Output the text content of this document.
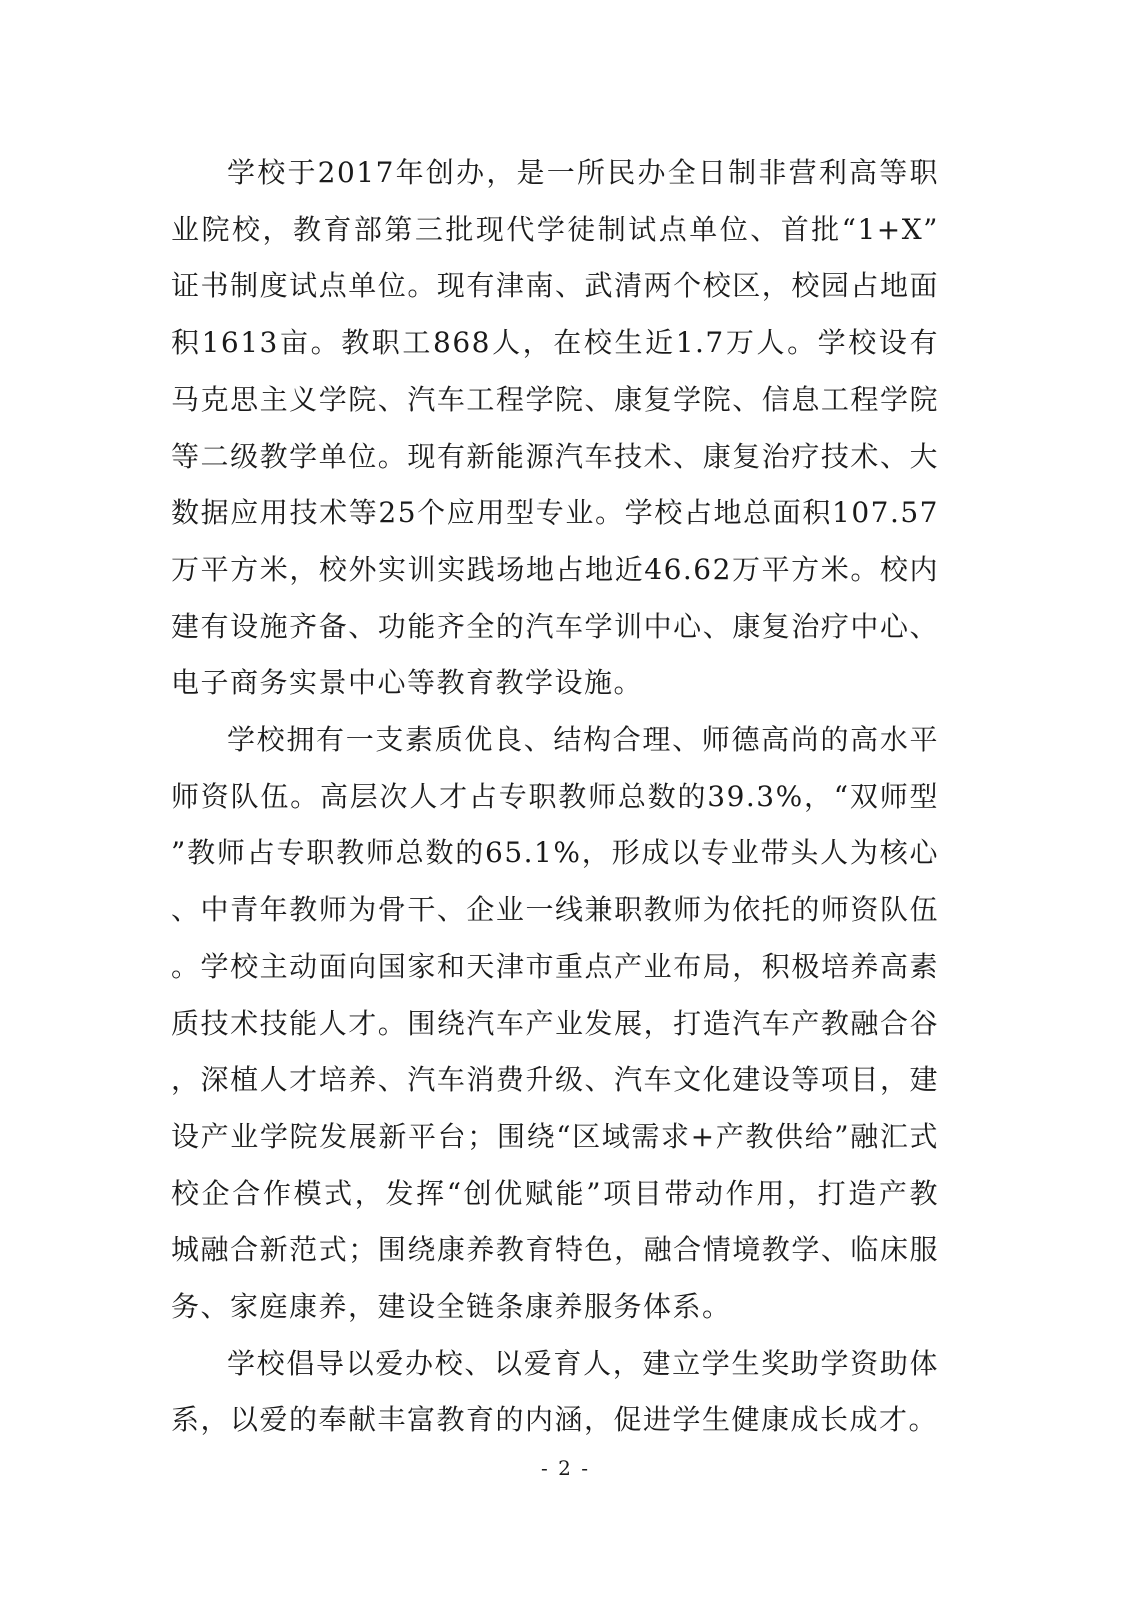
学校于2017年创办，是一所民办全日制非营利高等职业院校，教育部第三批现代学徒制试点单位、首批“1+X”证书制度试点单位。现有津南、武清两个校区，校园占地面积1613亩。教职工868人，在校生近1.7万人。学校设有马克思主义学院、汽车工程学院、康复学院、信息工程学院等二级教学单位。现有新能源汽车技术、康复治疗技术、大数据应用技术等25个应用型专业。学校占地总面积107.57万平方米，校外实训实践场地占地近46.62万平方米。校内建有设施齐备、功能齐全的汽车学训中心、康复治疗中心、电子商务实景中心等教育教学设施。

学校拥有一支素质优良、结构合理、师德高尚的高水平师资队伍。高层次人才占专职教师总数的39.3%，“双师型”教师占专职教师总数的65.1%，形成以专业带头人为核心、中青年教师为骨干、企业一线兼职教师为依托的师资队伍。学校主动面向国家和天津市重点产业布局，积极培养高素质技术技能人才。围绕汽车产业发展，打造汽车产教融合谷，深植人才培养、汽车消费升级、汽车文化建设等项目，建设产业学院发展新平台；围绕“区域需求+产教供给”融汇式校企合作模式，发挥“创优赋能”项目带动作用，打造产教城融合新范式；围绕康养教育特色，融合情境教学、临床服务、家庭康养，建设全链条康养服务体系。

学校倡导以爱办校、以爱育人，建立学生奖助学资助体系，以爱的奉献丰富教育的内涵，促进学生健康成长成才。

- 2 -
